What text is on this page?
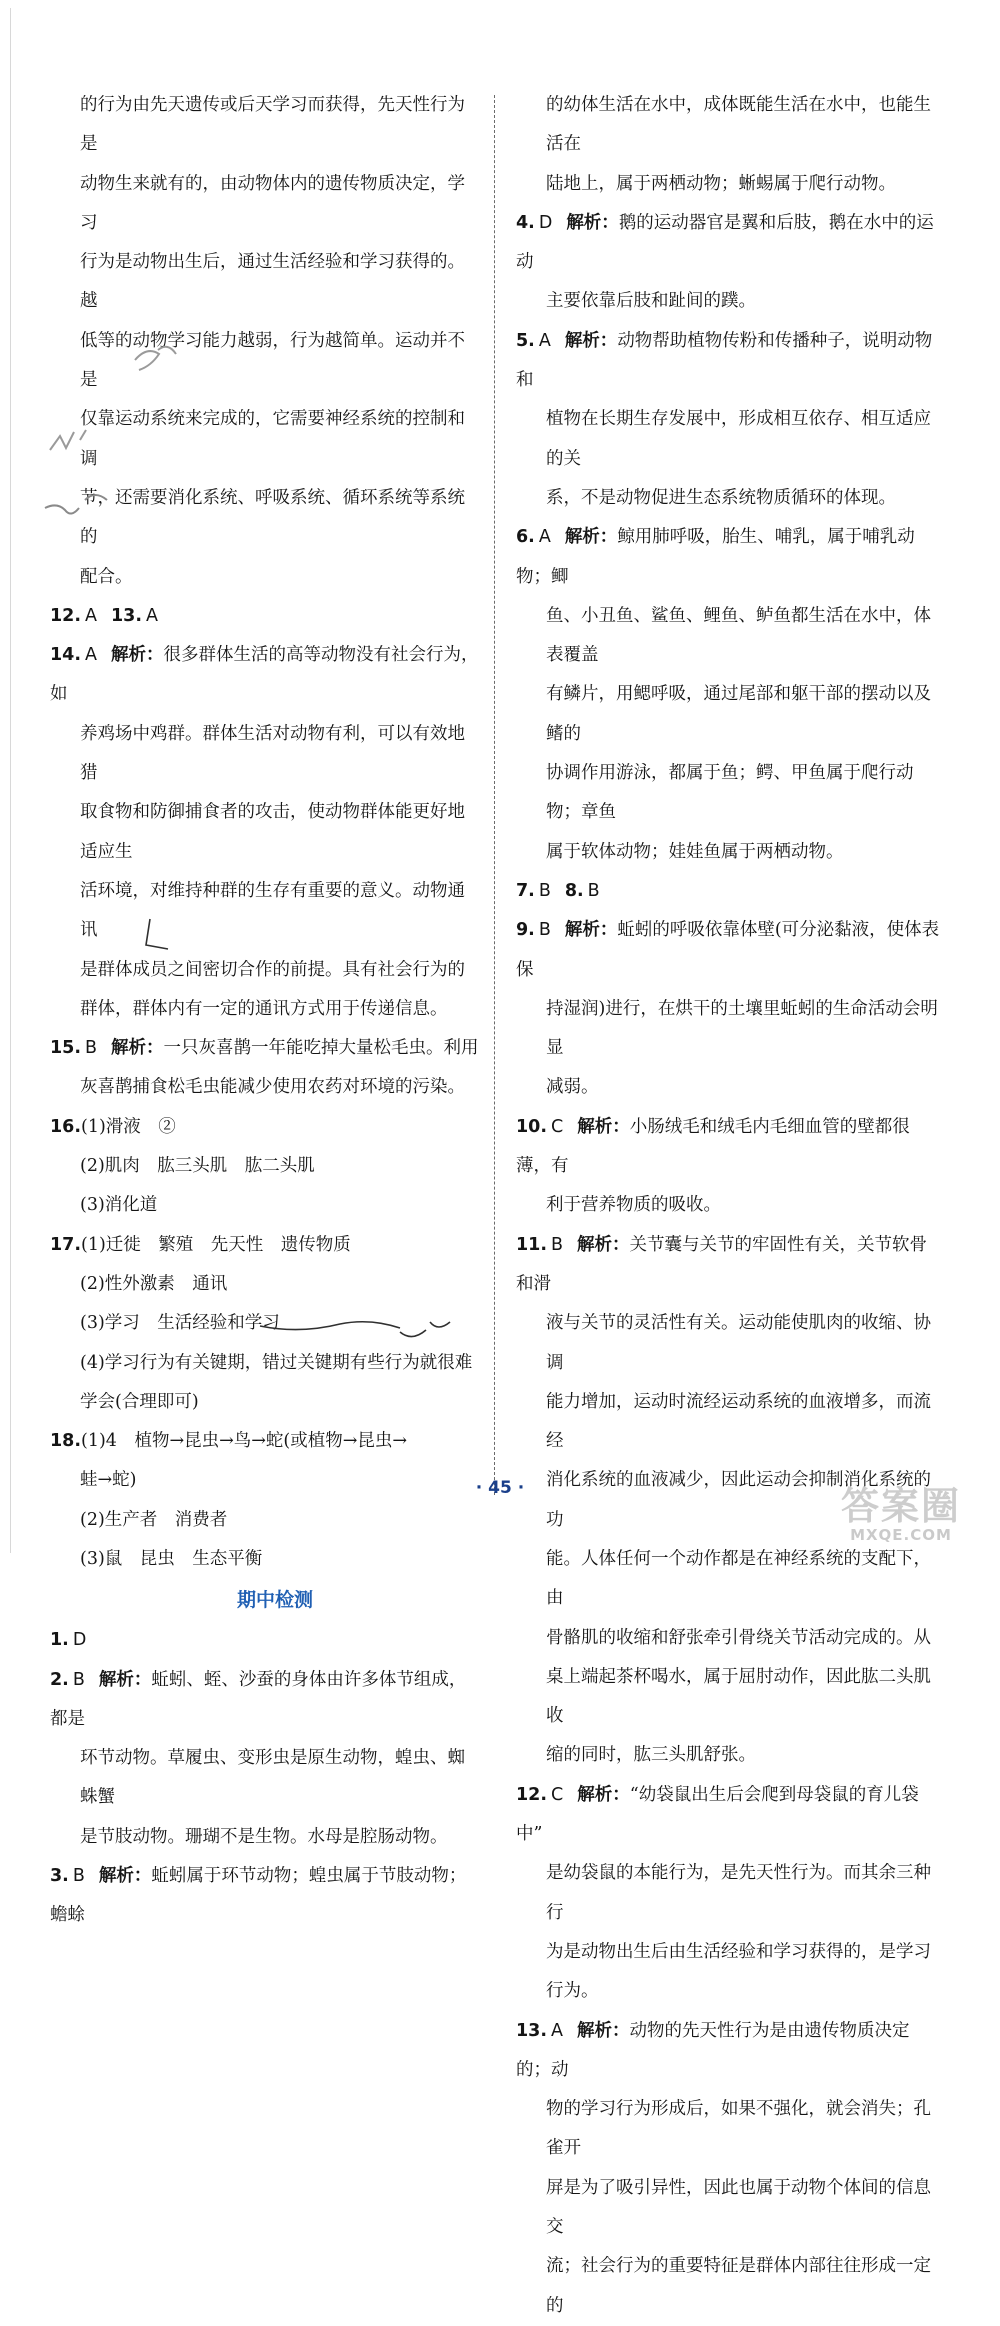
的行为由先天遗传或后天学习而获得，先天性行为是
动物生来就有的，由动物体内的遗传物质决定，学习
行为是动物出生后，通过生活经验和学习获得的。越
低等的动物学习能力越弱，行为越简单。运动并不是
仅靠运动系统来完成的，它需要神经系统的控制和调
节，还需要消化系统、呼吸系统、循环系统等系统的
配合。
12. A 13. A
14. A 解析：很多群体生活的高等动物没有社会行为，如
养鸡场中鸡群。群体生活对动物有利，可以有效地猎
取食物和防御捕食者的攻击，使动物群体能更好地适应生
活环境，对维持种群的生存有重要的意义。动物通讯
是群体成员之间密切合作的前提。具有社会行为的
群体，群体内有一定的通讯方式用于传递信息。
15. B 解析：一只灰喜鹊一年能吃掉大量松毛虫。利用
灰喜鹊捕食松毛虫能减少使用农药对环境的污染。
16.(1)滑液　②
(2)肌肉　肱三头肌　肱二头肌
(3)消化道
17.(1)迁徙　繁殖　先天性　遗传物质
(2)性外激素　通讯
(3)学习　生活经验和学习
(4)学习行为有关键期，错过关键期有些行为就很难
学会(合理即可)
18.(1)4　植物→昆虫→鸟→蛇(或植物→昆虫→
蛙→蛇)
(2)生产者　消费者
(3)鼠　昆虫　生态平衡
期中检测
1. D
2. B 解析：蚯蚓、蛭、沙蚕的身体由许多体节组成，都是
环节动物。草履虫、变形虫是原生动物，蝗虫、蜘蛛蟹
是节肢动物。珊瑚不是生物。水母是腔肠动物。
3. B 解析：蚯蚓属于环节动物；蝗虫属于节肢动物；蟾蜍
的幼体生活在水中，成体既能生活在水中，也能生活在
陆地上，属于两栖动物；蜥蜴属于爬行动物。
4. D 解析：鹅的运动器官是翼和后肢，鹅在水中的运动
主要依靠后肢和趾间的蹼。
5. A 解析：动物帮助植物传粉和传播种子，说明动物和
植物在长期生存发展中，形成相互依存、相互适应的关
系，不是动物促进生态系统物质循环的体现。
6. A 解析：鲸用肺呼吸，胎生、哺乳，属于哺乳动物；鲫
鱼、小丑鱼、鲨鱼、鲤鱼、鲈鱼都生活在水中，体表覆盖
有鳞片，用鳃呼吸，通过尾部和躯干部的摆动以及鳍的
协调作用游泳，都属于鱼；鳄、甲鱼属于爬行动物；章鱼
属于软体动物；娃娃鱼属于两栖动物。
7. B 8. B
9. B 解析：蚯蚓的呼吸依靠体壁(可分泌黏液，使体表保
持湿润)进行，在烘干的土壤里蚯蚓的生命活动会明显
减弱。
10. C 解析：小肠绒毛和绒毛内毛细血管的壁都很薄，有
利于营养物质的吸收。
11. B 解析：关节囊与关节的牢固性有关，关节软骨和滑
液与关节的灵活性有关。运动能使肌肉的收缩、协调
能力增加，运动时流经运动系统的血液增多，而流经
消化系统的血液减少，因此运动会抑制消化系统的功
能。人体任何一个动作都是在神经系统的支配下，由
骨骼肌的收缩和舒张牵引骨绕关节活动完成的。从
桌上端起茶杯喝水，属于屈肘动作，因此肱二头肌收
缩的同时，肱三头肌舒张。
12. C 解析：“幼袋鼠出生后会爬到母袋鼠的育儿袋中”
是幼袋鼠的本能行为，是先天性行为。而其余三种行
为是动物出生后由生活经验和学习获得的，是学习
行为。
13. A 解析：动物的先天性行为是由遗传物质决定的；动
物的学习行为形成后，如果不强化，就会消失；孔雀开
屏是为了吸引异性，因此也属于动物个体间的信息交
流；社会行为的重要特征是群体内部往往形成一定的
· 45 ·	答案圈
MXQE.COM
